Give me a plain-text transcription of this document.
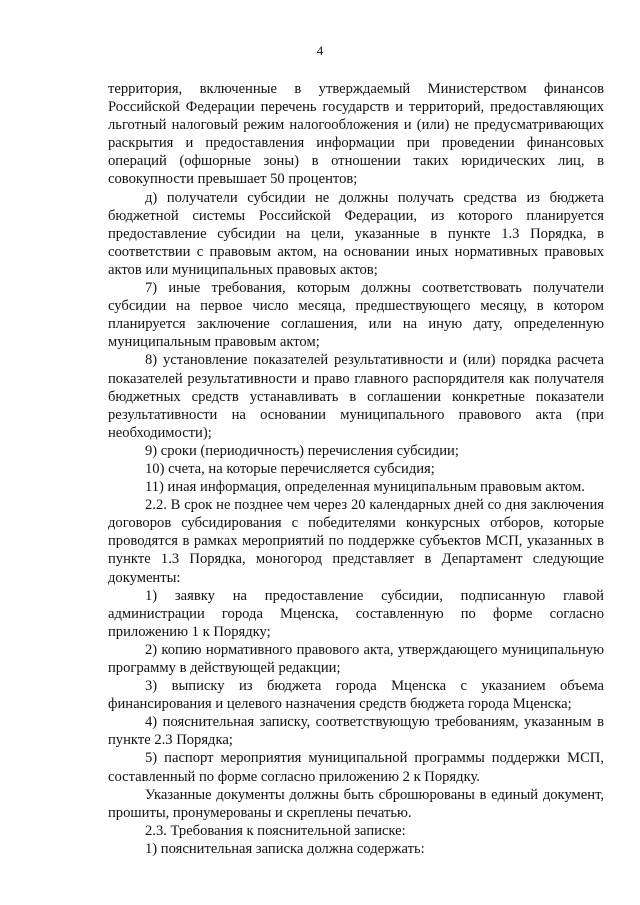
4

территория, включенные в утверждаемый Министерством финансов Российской Федерации перечень государств и территорий, предоставляющих льготный налоговый режим налогообложения и (или) не предусматривающих раскрытия и предоставления информации при проведении финансовых операций (офшорные зоны) в отношении таких юридических лиц, в совокупности превышает 50 процентов;

д) получатели субсидии не должны получать средства из бюджета бюджетной системы Российской Федерации, из которого планируется предоставление субсидии на цели, указанные в пункте 1.3 Порядка, в соответствии с правовым актом, на основании иных нормативных правовых актов или муниципальных правовых актов;

7) иные требования, которым должны соответствовать получатели субсидии на первое число месяца, предшествующего месяцу, в котором планируется заключение соглашения, или на иную дату, определенную муниципальным правовым актом;

8) установление показателей результативности и (или) порядка расчета показателей результативности и право главного распорядителя как получателя бюджетных средств устанавливать в соглашении конкретные показатели результативности на основании муниципального правового акта (при необходимости);

9) сроки (периодичность) перечисления субсидии;

10) счета, на которые перечисляется субсидия;

11) иная информация, определенная муниципальным правовым актом.

2.2. В срок не позднее чем через 20 календарных дней со дня заключения договоров субсидирования с победителями конкурсных отборов, которые проводятся в рамках мероприятий по поддержке субъектов МСП, указанных в пункте 1.3 Порядка, моногород представляет в Департамент следующие документы:

1) заявку на предоставление субсидии, подписанную главой администрации города Мценска, составленную по форме согласно приложению 1 к Порядку;

2) копию нормативного правового акта, утверждающего муниципальную программу в действующей редакции;

3) выписку из бюджета города Мценска с указанием объема финансирования и целевого назначения средств бюджета города Мценска;

4) пояснительная записку, соответствующую требованиям, указанным в пункте 2.3 Порядка;

5) паспорт мероприятия муниципальной программы поддержки МСП, составленный по форме согласно приложению 2 к Порядку.

Указанные документы должны быть сброшюрованы в единый документ, прошиты, пронумерованы и скреплены печатью.

2.3. Требования к пояснительной записке:

1) пояснительная записка должна содержать:
